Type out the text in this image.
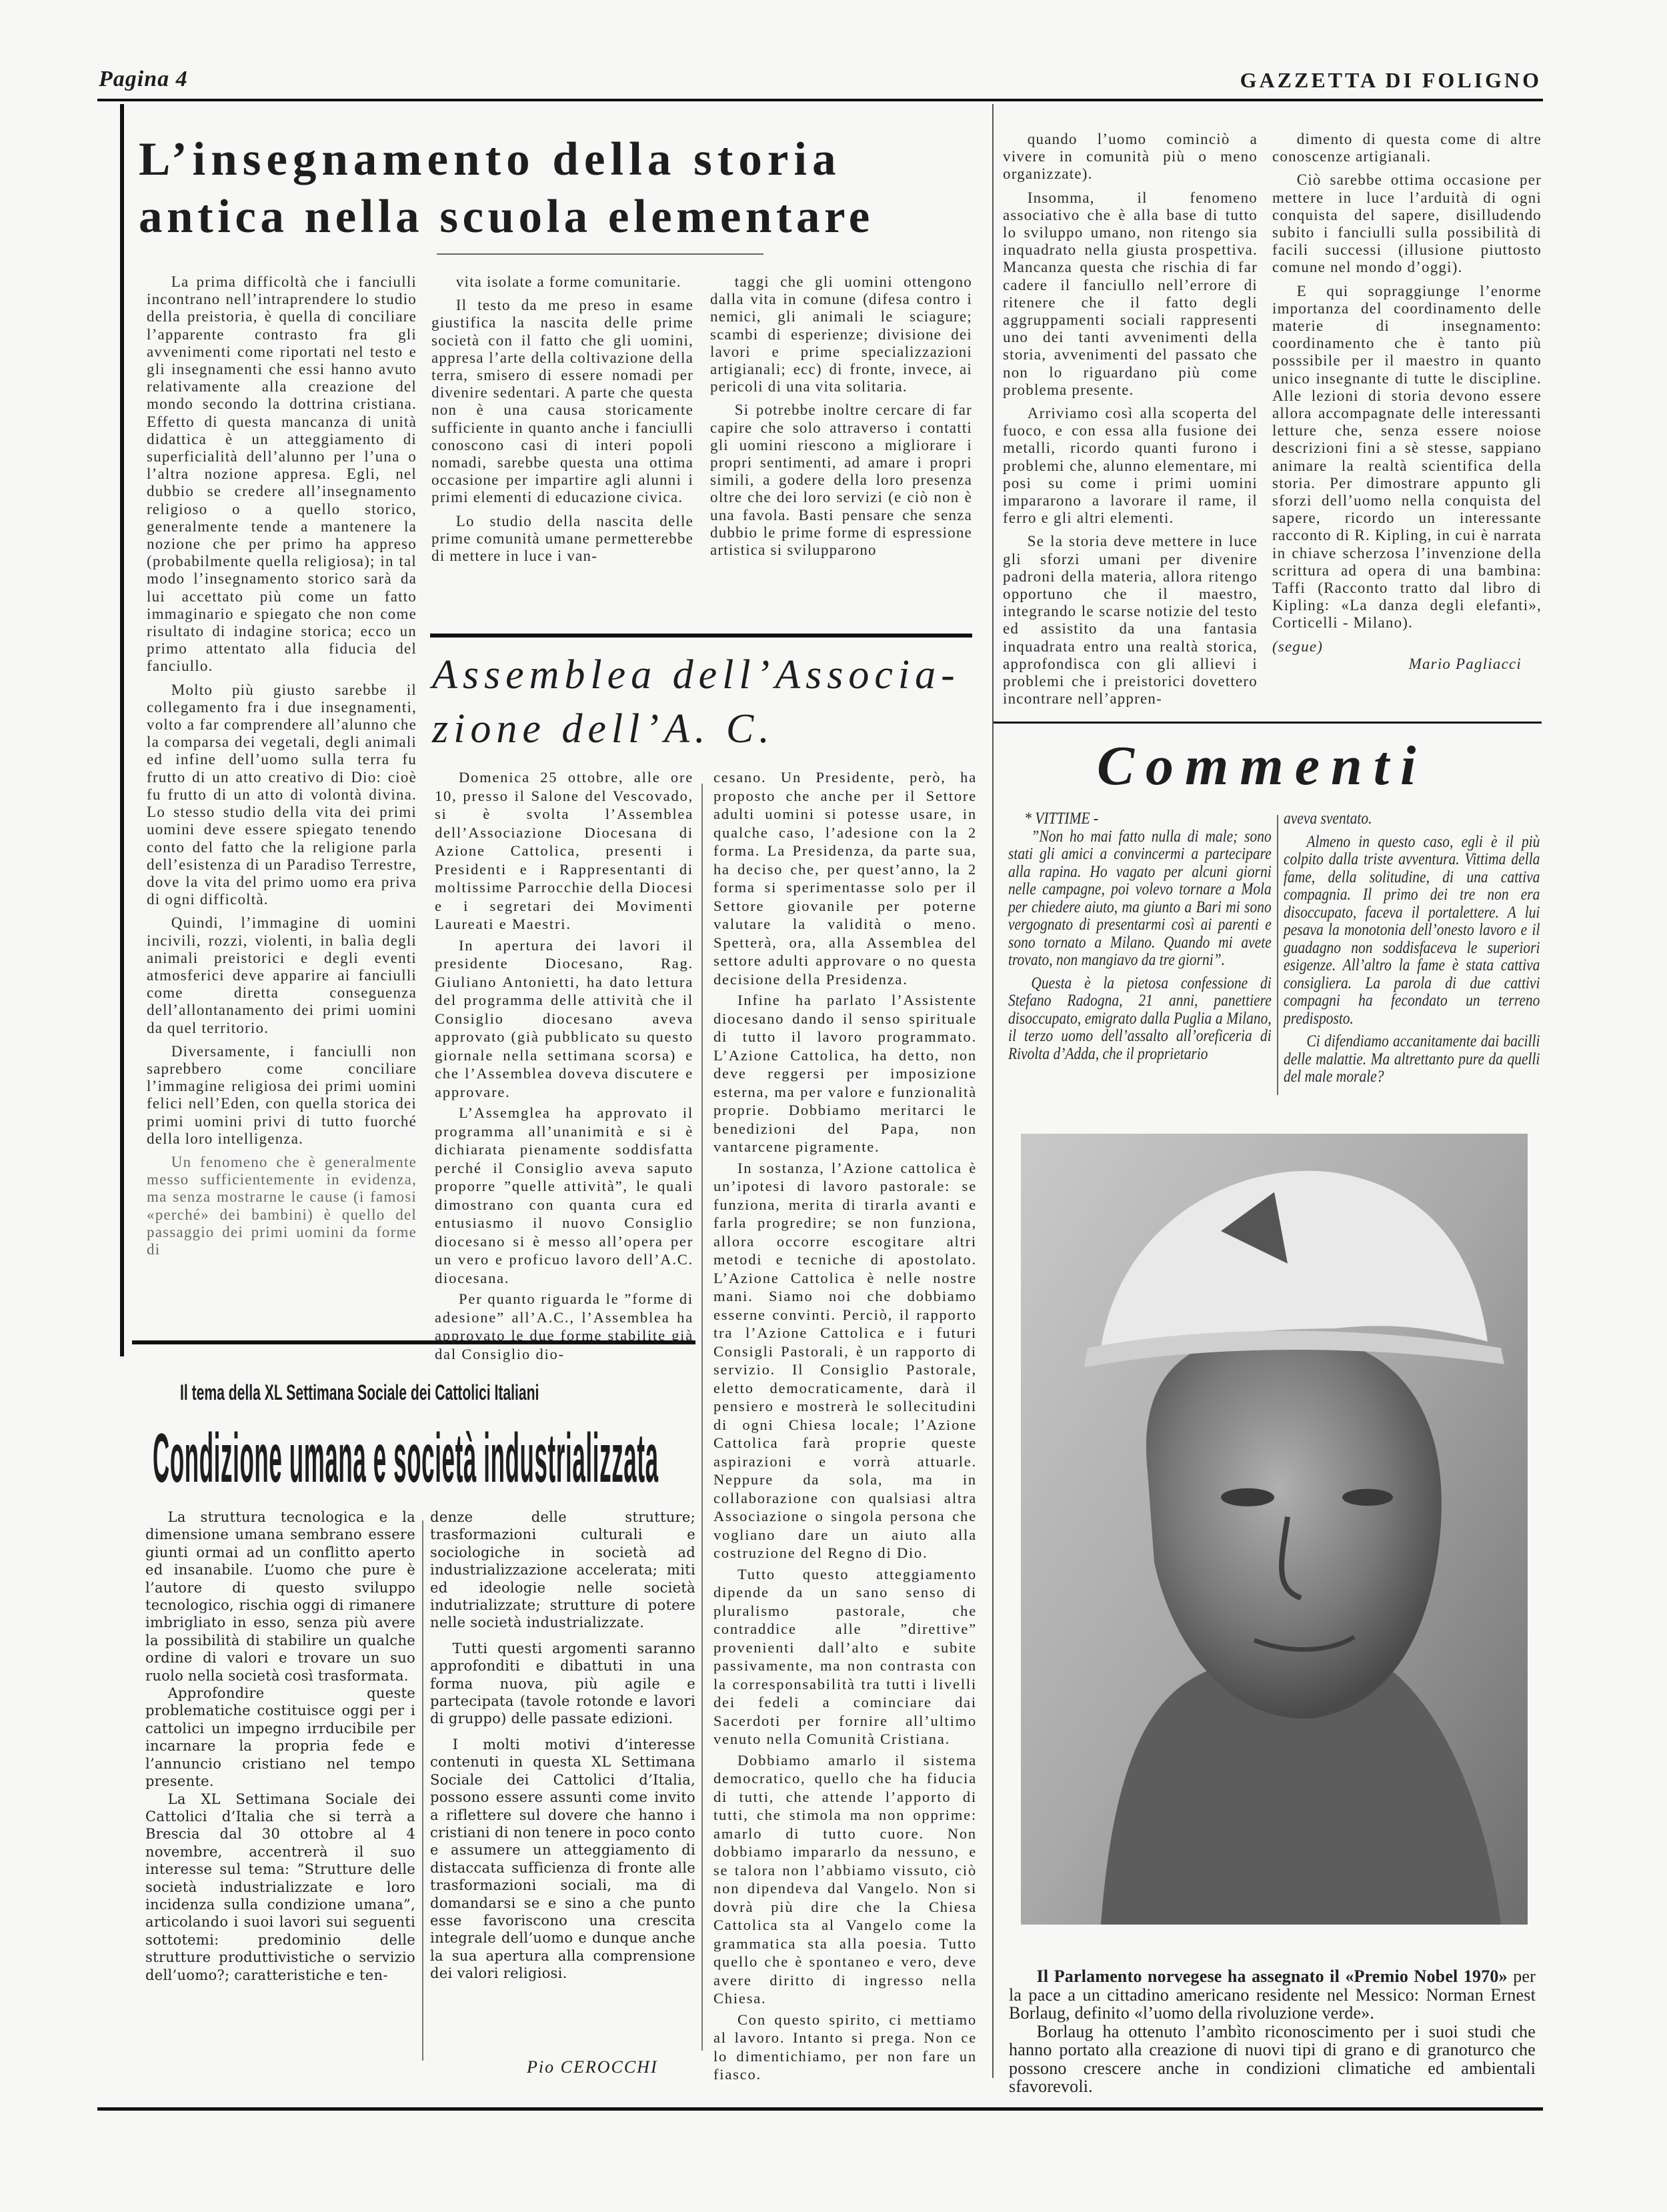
Pagina 4	GAZZETTA DI FOLIGNO
L’insegnamento della storia
antica nella scuola elementare

La prima difficoltà che i fanciulli incontrano nell’intraprendere lo studio della preistoria, è quella di conciliare l’apparente contrasto fra gli avvenimenti come riportati nel testo e gli insegnamenti che essi hanno avuto relativamente alla creazione del mondo secondo la dottrina cristiana. Effetto di questa mancanza di unità didattica è un atteggiamento di superficialità dell’alunno per l’una o l’altra nozione appresa. Egli, nel dubbio se credere all’insegnamento religioso o a quello storico, generalmente tende a mantenere la nozione che per primo ha appreso (probabilmente quella religiosa); in tal modo l’insegnamento storico sarà da lui accettato più come un fatto immaginario e spiegato che non come risultato di indagine storica; ecco un primo attentato alla fiducia del fanciullo.

Molto più giusto sarebbe il collegamento fra i due insegnamenti, volto a far comprendere all’alunno che la comparsa dei vegetali, degli animali ed infine dell’uomo sulla terra fu frutto di un atto creativo di Dio: cioè fu frutto di un atto di volontà divina. Lo stesso studio della vita dei primi uomini deve essere spiegato tenendo conto del fatto che la religione parla dell’esistenza di un Paradiso Terrestre, dove la vita del primo uomo era priva di ogni difficoltà.

Quindi, l’immagine di uomini incivili, rozzi, violenti, in balìa degli animali preistorici e degli eventi atmosferici deve apparire ai fanciulli come diretta conseguenza dell’allontanamento dei primi uomini da quel territorio.

Diversamente, i fanciulli non saprebbero come conciliare l’immagine religiosa dei primi uomini felici nell’Eden, con quella storica dei primi uomini privi di tutto fuorché della loro intelligenza.

Un fenomeno che è generalmente messo sufficientemente in evidenza, ma senza mostrarne le cause (i famosi «perché» dei bambini) è quello del passaggio dei primi uomini da forme di

vita isolate a forme comunitarie.

Il testo da me preso in esame giustifica la nascita delle prime società con il fatto che gli uomini, appresa l’arte della coltivazione della terra, smisero di essere nomadi per divenire sedentari. A parte che questa non è una causa storicamente sufficiente in quanto anche i fanciulli conoscono casi di interi popoli nomadi, sarebbe questa una ottima occasione per impartire agli alunni i primi elementi di educazione civica.

Lo studio della nascita delle prime comunità umane permetterebbe di mettere in luce i van-

taggi che gli uomini ottengono dalla vita in comune (difesa contro i nemici, gli animali le sciagure; scambi di esperienze; divisione dei lavori e prime specializzazioni artigianali; ecc) di fronte, invece, ai pericoli di una vita solitaria.

Si potrebbe inoltre cercare di far capire che solo attraverso i contatti gli uomini riescono a migliorare i propri sentimenti, ad amare i propri simili, a godere della loro presenza oltre che dei loro servizi (e ciò non è una favola. Basti pensare che senza dubbio le prime forme di espressione artistica si svilupparono

quando l’uomo cominciò a vivere in comunità più o meno organizzate).

Insomma, il fenomeno associativo che è alla base di tutto lo sviluppo umano, non ritengo sia inquadrato nella giusta prospettiva. Mancanza questa che rischia di far cadere il fanciullo nell’errore di ritenere che il fatto degli aggruppamenti sociali rappresenti uno dei tanti avvenimenti della storia, avvenimenti del passato che non lo riguardano più come problema presente.

Arriviamo così alla scoperta del fuoco, e con essa alla fusione dei metalli, ricordo quanti furono i problemi che, alunno elementare, mi posi su come i primi uomini impararono a lavorare il rame, il ferro e gli altri elementi.

Se la storia deve mettere in luce gli sforzi umani per divenire padroni della materia, allora ritengo opportuno che il maestro, integrando le scarse notizie del testo ed assistito da una fantasia inquadrata entro una realtà storica, approfondisca con gli allievi i problemi che i preistorici dovettero incontrare nell’appren-

dimento di questa come di altre conoscenze artigianali.

Ciò sarebbe ottima occasione per mettere in luce l’arduità di ogni conquista del sapere, disilludendo subito i fanciulli sulla possibilità di facili successi (illusione piuttosto comune nel mondo d’oggi).

E qui sopraggiunge l’enorme importanza del coordinamento delle materie di insegnamento: coordinamento che è tanto più posssibile per il maestro in quanto unico insegnante di tutte le discipline. Alle lezioni di storia devono essere allora accompagnate delle interessanti letture che, senza essere noiose descrizioni fini a sè stesse, sappiano animare la realtà scientifica della storia. Per dimostrare appunto gli sforzi dell’uomo nella conquista del sapere, ricordo un interessante racconto di R. Kipling, in cui è narrata in chiave scherzosa l’invenzione della scrittura ad opera di una bambina: Taffi (Racconto tratto dal libro di Kipling: «La danza degli elefanti», Corticelli - Milano).

(segue)
Mario Pagliacci
Assemblea dell’Associa-
zione dell’A. C.

Domenica 25 ottobre, alle ore 10, presso il Salone del Vescovado, si è svolta l’Assemblea dell’Associazione Diocesana di Azione Cattolica, presenti i Presidenti e i Rappresentanti di moltissime Parrocchie della Diocesi e i segretari dei Movimenti Laureati e Maestri.

In apertura dei lavori il presidente Diocesano, Rag. Giuliano Antonietti, ha dato lettura del programma delle attività che il Consiglio diocesano aveva approvato (già pubblicato su questo giornale nella settimana scorsa) e che l’Assemblea doveva discutere e approvare.

L’Assemglea ha approvato il programma all’unanimità e si è dichiarata pienamente soddisfatta perché il Consiglio aveva saputo proporre ”quelle attività”, le quali dimostrano con quanta cura ed entusiasmo il nuovo Consiglio diocesano si è messo all’opera per un vero e proficuo lavoro dell’A.C. diocesana.

Per quanto riguarda le ”forme di adesione” all’A.C., l’Assemblea ha approvato le due forme stabilite già dal Consiglio dio-

cesano. Un Presidente, però, ha proposto che anche per il Settore adulti uomini si potesse usare, in qualche caso, l’adesione con la 2 forma. La Presidenza, da parte sua, ha deciso che, per quest’anno, la 2 forma si sperimentasse solo per il Settore giovanile per poterne valutare la validità o meno. Spetterà, ora, alla Assemblea del settore adulti approvare o no questa decisione della Presidenza.

Infine ha parlato l’Assistente diocesano dando il senso spirituale di tutto il lavoro programmato. L’Azione Cattolica, ha detto, non deve reggersi per imposizione esterna, ma per valore e funzionalità proprie. Dobbiamo meritarci le benedizioni del Papa, non vantarcene pigramente.

In sostanza, l’Azione cattolica è un’ipotesi di lavoro pastorale: se funziona, merita di tirarla avanti e farla progredire; se non funziona, allora occorre escogitare altri metodi e tecniche di apostolato. L’Azione Cattolica è nelle nostre mani. Siamo noi che dobbiamo esserne convinti. Perciò, il rapporto tra l’Azione Cattolica e i futuri Consigli Pastorali, è un rapporto di servizio. Il Consiglio Pastorale, eletto democraticamente, darà il pensiero e mostrerà le sollecitudini di ogni Chiesa locale; l’Azione Cattolica farà proprie queste aspirazioni e vorrà attuarle. Neppure da sola, ma in collaborazione con qualsiasi altra Associazione o singola persona che vogliano dare un aiuto alla costruzione del Regno di Dio.

Tutto questo atteggiamento dipende da un sano senso di pluralismo pastorale, che contraddice alle ”direttive” provenienti dall’alto e subite passivamente, ma non contrasta con la corresponsabilità tra tutti i livelli dei fedeli a cominciare dai Sacerdoti per fornire all’ultimo venuto nella Comunità Cristiana.

Dobbiamo amarlo il sistema democratico, quello che ha fiducia di tutti, che attende l’apporto di tutti, che stimola ma non opprime: amarlo di tutto cuore. Non dobbiamo impararlo da nessuno, e se talora non l’abbiamo vissuto, ciò non dipendeva dal Vangelo. Non si dovrà più dire che la Chiesa Cattolica sta al Vangelo come la grammatica sta alla poesia. Tutto quello che è spontaneo e vero, deve avere diritto di ingresso nella Chiesa.

Con questo spirito, ci mettiamo al lavoro. Intanto si prega. Non ce lo dimentichiamo, per non fare un fiasco.

Il tema della XL Settimana Sociale dei Cattolici Italiani
Condizione umana e società industrializzata

La struttura tecnologica e la dimensione umana sembrano essere giunti ormai ad un conflitto aperto ed insanabile. L’uomo che pure è l’autore di questo sviluppo tecnologico, rischia oggi di rimanere imbrigliato in esso, senza più avere la possibilità di stabilire un qualche ordine di valori e trovare un suo ruolo nella società così trasformata.

Approfondire queste problematiche costituisce oggi per i cattolici un impegno irrducibile per incarnare la propria fede e l’annuncio cristiano nel tempo presente.

La XL Settimana Sociale dei Cattolici d’Italia che si terrà a Brescia dal 30 ottobre al 4 novembre, accentrerà il suo interesse sul tema: ”Strutture delle società industrializzate e loro incidenza sulla condizione umana”, articolando i suoi lavori sui seguenti sottotemi: predominio delle strutture produttivistiche o servizio dell’uomo?; caratteristiche e ten-

denze delle strutture; trasformazioni culturali e sociologiche in società ad industrializzazione accelerata; miti ed ideologie nelle società indutrializzate; strutture di potere nelle società industrializzate.

Tutti questi argomenti saranno approfonditi e dibattuti in una forma nuova, più agile e partecipata (tavole rotonde e lavori di gruppo) delle passate edizioni.

I molti motivi d’interesse contenuti in questa XL Settimana Sociale dei Cattolici d’Italia, possono essere assunti come invito a riflettere sul dovere che hanno i cristiani di non tenere in poco conto e assumere un atteggiamento di distaccata sufficienza di fronte alle trasformazioni sociali, ma di domandarsi se e sino a che punto esse favoriscono una crescita integrale dell’uomo e dunque anche la sua apertura alla comprensione dei valori religiosi.

Pio CEROCCHI
Commenti
* VITTIME -

”Non ho mai fatto nulla di male; sono stati gli amici a convincermi a partecipare alla rapina. Ho vagato per alcuni giorni nelle campagne, poi volevo tornare a Mola per chiedere aiuto, ma giunto a Bari mi sono vergognato di presentarmi così ai parenti e sono tornato a Milano. Quando mi avete trovato, non mangiavo da tre giorni”.

Questa è la pietosa confessione di Stefano Radogna, 21 anni, panettiere disoccupato, emigrato dalla Puglia a Milano, il terzo uomo dell’assalto all’oreficeria di Rivolta d’Adda, che il proprietario

aveva sventato.

Almeno in questo caso, egli è il più colpito dalla triste avventura. Vittima della fame, della solitudine, di una cattiva compagnia. Il primo dei tre non era disoccupato, faceva il portalettere. A lui pesava la monotonia dell’onesto lavoro e il guadagno non soddisfaceva le superiori esigenze. All’altro la fame è stata cattiva consigliera. La parola di due cattivi compagni ha fecondato un terreno predisposto.

Ci difendiamo accanitamente dai bacilli delle malattie. Ma altrettanto pure da quelli del male morale?

Il Parlamento norvegese ha assegnato il «Premio Nobel 1970» per la pace a un cittadino americano residente nel Messico: Norman Ernest Borlaug, definito «l’uomo della rivoluzione verde».

Borlaug ha ottenuto l’ambìto riconoscimento per i suoi studi che hanno portato alla creazione di nuovi tipi di grano e di granoturco che possono crescere anche in condizioni climatiche ed ambientali sfavorevoli.
